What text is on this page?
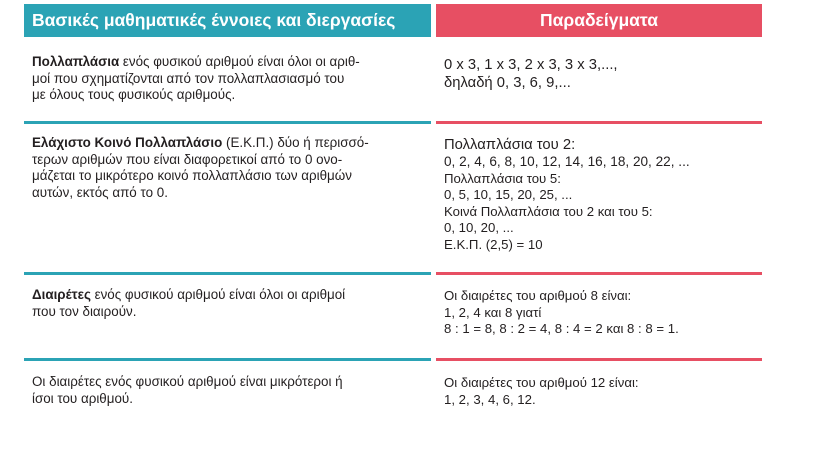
Βασικές μαθηματικές έννοιες και διεργασίες	Παραδείγματα
Πολλαπλάσια ενός φυσικού αριθμού είναι όλοι οι αριθ-
μοί που σχηματίζονται από τον πολλαπλασιασμό του
με όλους τους φυσικούς αριθμούς.
0 x 3, 1 x 3, 2 x 3, 3 x 3,...,
δηλαδή 0, 3, 6, 9,...
Ελάχιστο Κοινό Πολλαπλάσιο (Ε.Κ.Π.) δύο ή περισσό-
τερων αριθμών που είναι διαφορετικοί από το 0 ονο-
μάζεται το μικρότερο κοινό πολλαπλάσιο των αριθμών
αυτών, εκτός από το 0.
Πολλαπλάσια του 2:
0, 2, 4, 6, 8, 10, 12, 14, 16, 18, 20, 22, ...
Πολλαπλάσια του 5:
0, 5, 10, 15, 20, 25, ...
Κοινά Πολλαπλάσια του 2 και του 5:
0, 10, 20, ...
Ε.Κ.Π. (2,5) = 10
Διαιρέτες ενός φυσικού αριθμού είναι όλοι οι αριθμοί
που τον διαιρούν.
Οι διαιρέτες του αριθμού 8 είναι:
1, 2, 4 και 8 γιατί
8 : 1 = 8, 8 : 2 = 4, 8 : 4 = 2 και 8 : 8 = 1.
Οι διαιρέτες ενός φυσικού αριθμού είναι μικρότεροι ή
ίσοι του αριθμού.
Οι διαιρέτες του αριθμού 12 είναι:
1, 2, 3, 4, 6, 12.
